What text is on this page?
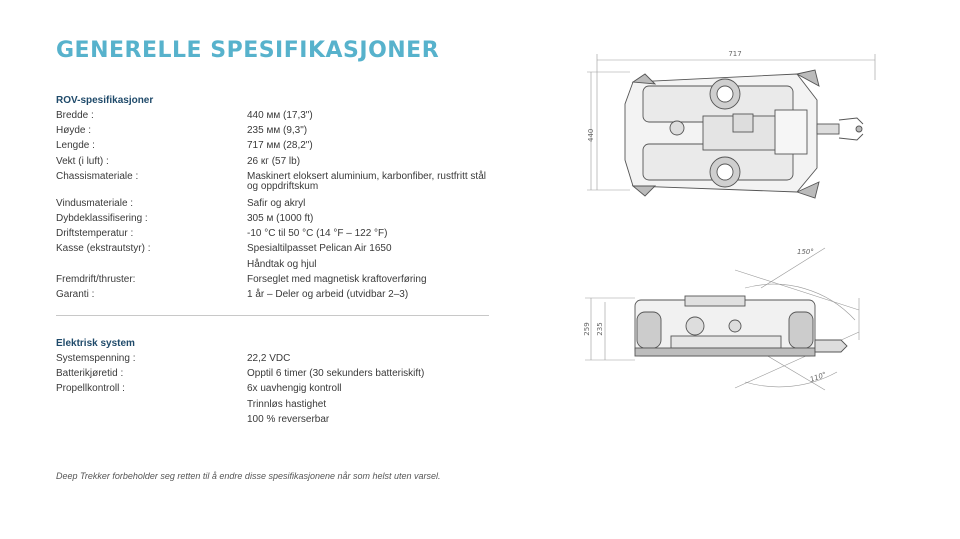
GENERELLE SPESIFIKASJONER
ROV-spesifikasjoner
Bredde :	440 мм (17,3")
Høyde :	235 мм (9,3")
Lengde :	717 мм (28,2")
Vekt (i luft) :	26 кг (57 lb)
Chassismateriale :	Maskinert eloksert aluminium, karbonfiber, rustfritt stål og oppdriftskum
Vindusmateriale :	Safir og akryl
Dybdeklassifisering :	305 м (1000 ft)
Driftstemperatur :	-10 °C til 50 °C (14 °F – 122 °F)
Kasse (ekstrautstyr) :	Spesialtilpasset Pelican Air 1650
Håndtak og hjul
Fremdrift/thruster:	Forseglet med magnetisk kraftoverføring
Garanti :	1 år – Deler og arbeid (utvidbar 2–3)
Elektrisk system
Systemspenning :	22,2 VDC
Batterikjøretid :	Opptil 6 timer (30 sekunders batteriskift)
Propellkontroll :	6x uavhengig kontroll
Trinnløs hastighet
100 % reverserbar
Deep Trekker forbeholder seg retten til å endre disse spesifikasjonene når som helst uten varsel.
717
440
259 235
150°
110°
